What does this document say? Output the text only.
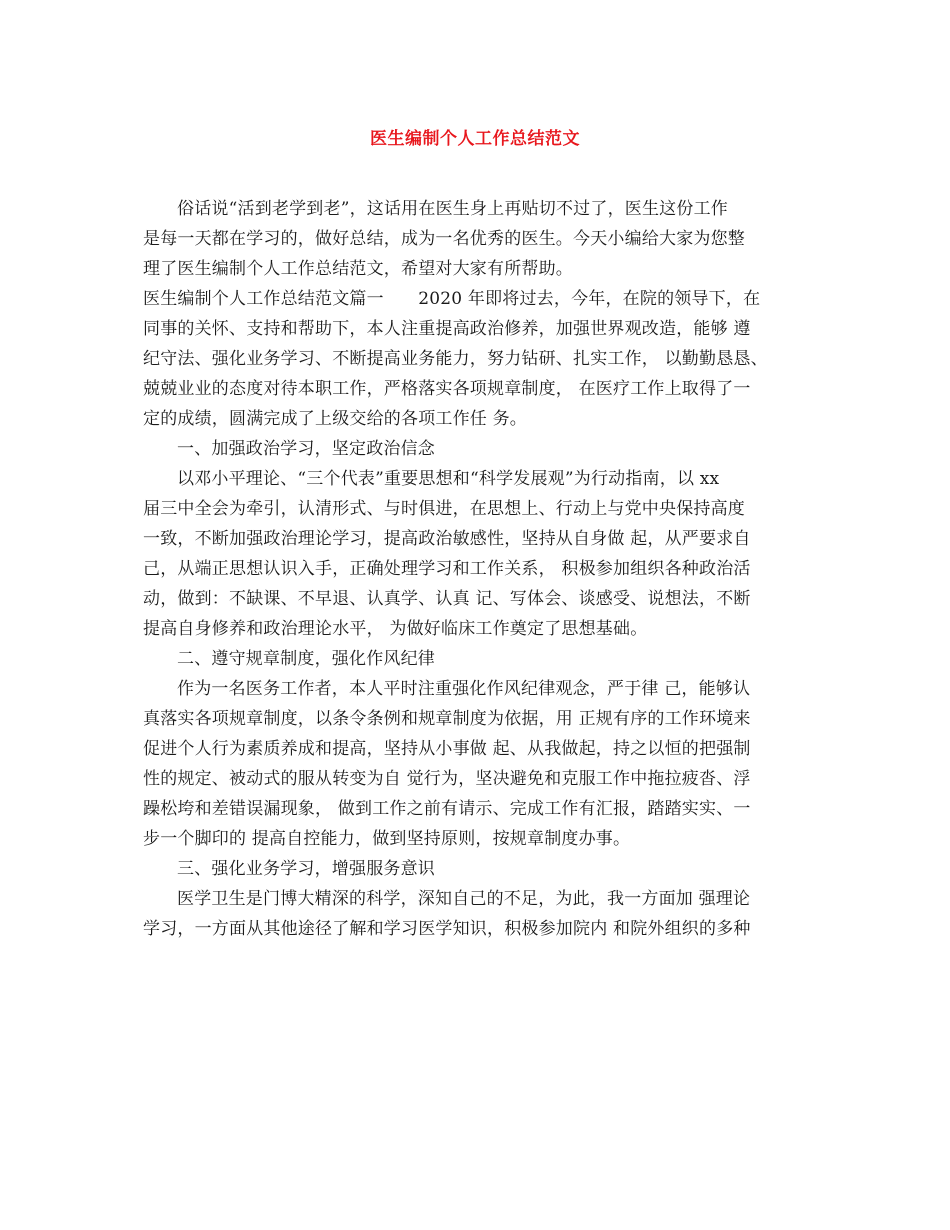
医生编制个人工作总结范文
俗话说“活到老学到老”，这话用在医生身上再贴切不过了，医生这份工作
是每一天都在学习的，做好总结，成为一名优秀的医生。今天小编给大家为您整
理了医生编制个人工作总结范文，希望对大家有所帮助。
医生编制个人工作总结范文篇一　　2020 年即将过去，今年，在院的领导下，在
同事的关怀、支持和帮助下，本人注重提高政治修养，加强世界观改造，能够 遵
纪守法、强化业务学习、不断提高业务能力，努力钻研、扎实工作， 以勤勤恳恳、
兢兢业业的态度对待本职工作，严格落实各项规章制度， 在医疗工作上取得了一
定的成绩，圆满完成了上级交给的各项工作任 务。
一、加强政治学习，坚定政治信念
以邓小平理论、“三个代表”重要思想和“科学发展观”为行动指南，以 xx
届三中全会为牵引，认清形式、与时俱进，在思想上、行动上与党中央保持高度
一致，不断加强政治理论学习，提高政治敏感性，坚持从自身做 起，从严要求自
己，从端正思想认识入手，正确处理学习和工作关系， 积极参加组织各种政治活
动，做到：不缺课、不早退、认真学、认真 记、写体会、谈感受、说想法，不断
提高自身修养和政治理论水平， 为做好临床工作奠定了思想基础。
二、遵守规章制度，强化作风纪律
作为一名医务工作者，本人平时注重强化作风纪律观念，严于律 己，能够认
真落实各项规章制度，以条令条例和规章制度为依据，用 正规有序的工作环境来
促进个人行为素质养成和提高，坚持从小事做 起、从我做起，持之以恒的把强制
性的规定、被动式的服从转变为自 觉行为，坚决避免和克服工作中拖拉疲沓、浮
躁松垮和差错误漏现象， 做到工作之前有请示、完成工作有汇报，踏踏实实、一
步一个脚印的 提高自控能力，做到坚持原则，按规章制度办事。
三、强化业务学习，增强服务意识
医学卫生是门博大精深的科学，深知自己的不足，为此，我一方面加 强理论
学习，一方面从其他途径了解和学习医学知识，积极参加院内 和院外组织的多种
